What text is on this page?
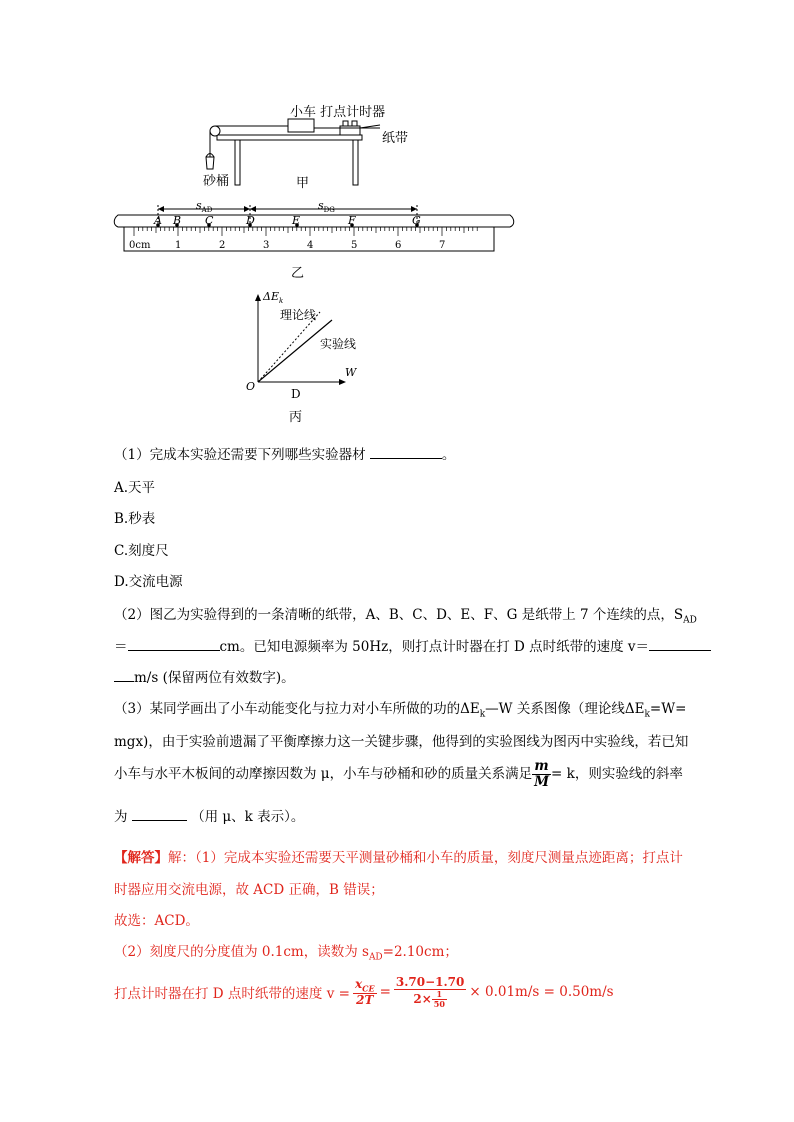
小车 打点计时器
纸带
砂桶	甲
A B C	D	E	F	G
$s_{AD}$	$s_{DG}$
0cm 1	2	3	4	5	6	7
乙
$\Delta E_k$
理论线
实验线
W
O
D
丙
（1）完成本实验还需要下列哪些实验器材	。
A.天平
B.秒表
C.刻度尺
D.交流电源
（2）图乙为实验得到的一条清晰的纸带，A、B、C、D、E、F、G 是纸带上 7 个连续的点，$S_{AD}$
＝	cm。已知电源频率为 50Hz，则打点计时器在打 D 点时纸带的速度 v＝
m/s (保留两位有效数字)。
（3）某同学画出了小车动能变化与拉力对小车所做的功的$\Delta E_k—W$ 关系图像（理论线$\Delta E_k=W=$
mgx)，由于实验前遗漏了平衡摩擦力这一关键步骤，他得到的实验图线为图丙中实验线，若已知
小车与水平木板间的动摩擦因数为 μ，小车与砂桶和砂的质量关系满足 $\frac{m}{M} = k$，则实验线的斜率
为	（用 μ、k 表示）。
【解答】解：（1）完成本实验还需要天平测量砂桶和小车的质量，刻度尺测量点迹距离；打点计
时器应用交流电源，故 ACD 正确，B 错误；
故选：ACD。
（2）刻度尺的分度值为 0.1cm，读数为 $s_{AD}=2.10cm$；
打点计时器在打 D 点时纸带的速度 $v = \frac{x_{CE}}{2T} = \frac{3.70-1.70}{2\times \frac{1}{50}} \times 0.01m/s = 0.50m/s$
